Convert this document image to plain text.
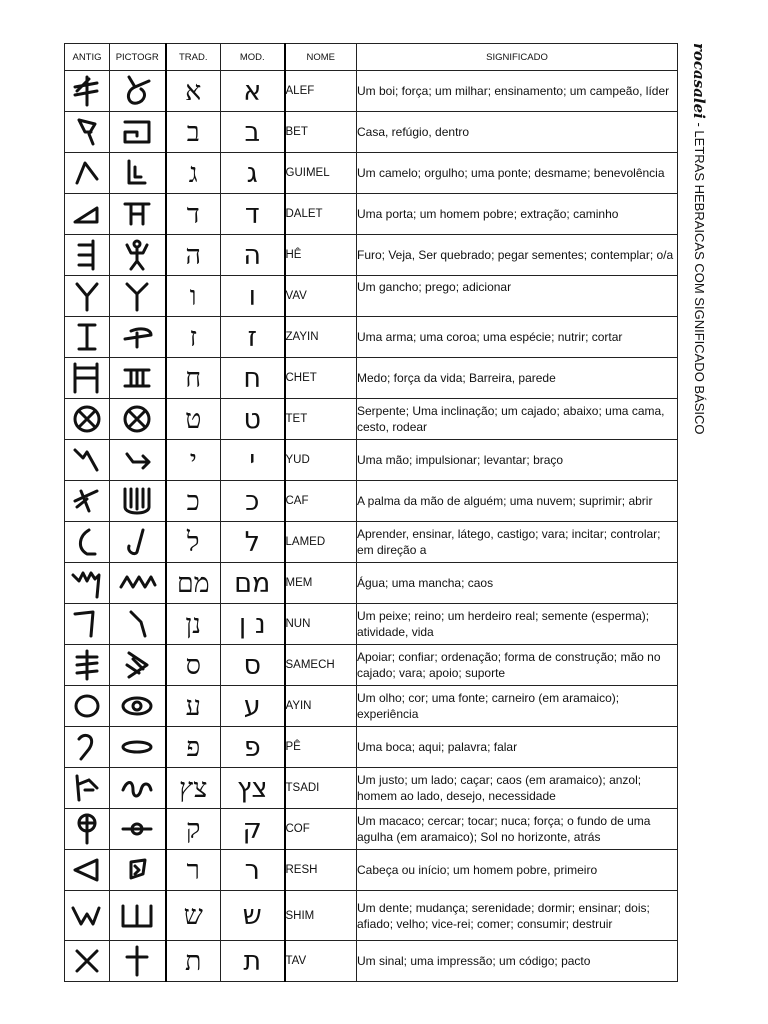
ANTIG	PICTOGR	TRAD.	MOD.	NOME	SIGNIFICADO

	א	א	ALEF	Um boi; força; um milhar; ensinamento; um campeão, líder

	ב	ב	BET	Casa, refúgio, dentro

	ג	ג	GUIMEL	Um camelo; orgulho; uma ponte; desmame; benevolência

	ד	ד	DALET	Uma porta; um homem pobre; extração; caminho

	ה	ה	HÊ	Furo; Veja, Ser quebrado; pegar sementes; contemplar; o/a

	ו	ו	VAV	Um gancho; prego; adicionar

	ז	ז	ZAYIN	Uma arma; uma coroa; uma espécie; nutrir; cortar

	ח	ח	CHET	Medo; força da vida; Barreira, parede

	ט	ט	TET	Serpente; Uma inclinação; um cajado; abaixo; uma cama, cesto, rodear

	י	י	YUD	Uma mão; impulsionar; levantar; braço

	כ	כ	CAF	A palma da mão de alguém; uma nuvem; suprimir; abrir

	ל	ל	LAMED	Aprender, ensinar, látego, castigo; vara; incitar; controlar; em direção a

	מם	מם	MEM	Água; uma mancha; caos

	נן	נ ן	NUN	Um peixe; reino; um herdeiro real; semente (esperma); atividade, vida

	ס	ס	SAMECH	Apoiar; confiar; ordenação; forma de construção; mão no cajado; vara; apoio; suporte

	ע	ע	AYIN	Um olho; cor; uma fonte; carneiro (em aramaico); experiência

	פ	פ	PÊ	Uma boca; aqui; palavra; falar

	צץ	צץ	TSADI	Um justo; um lado; caçar; caos (em aramaico); anzol; homem ao lado, desejo, necessidade

	ק	ק	COF	Um macaco; cercar; tocar; nuca; força; o fundo de uma agulha (em aramaico); Sol no horizonte, atrás

	ר	ר	RESH	Cabeça ou início; um homem pobre, primeiro

	ש	ש	SHIM	Um dente; mudança; serenidade; dormir; ensinar; dois; afiado; velho; vice-rei; comer; consumir; destruir

	ת	ת	TAV	Um sinal; uma impressão; um código; pacto
rocasalei - LETRAS HEBRAICAS COM SIGNIFICADO BÁSICO
